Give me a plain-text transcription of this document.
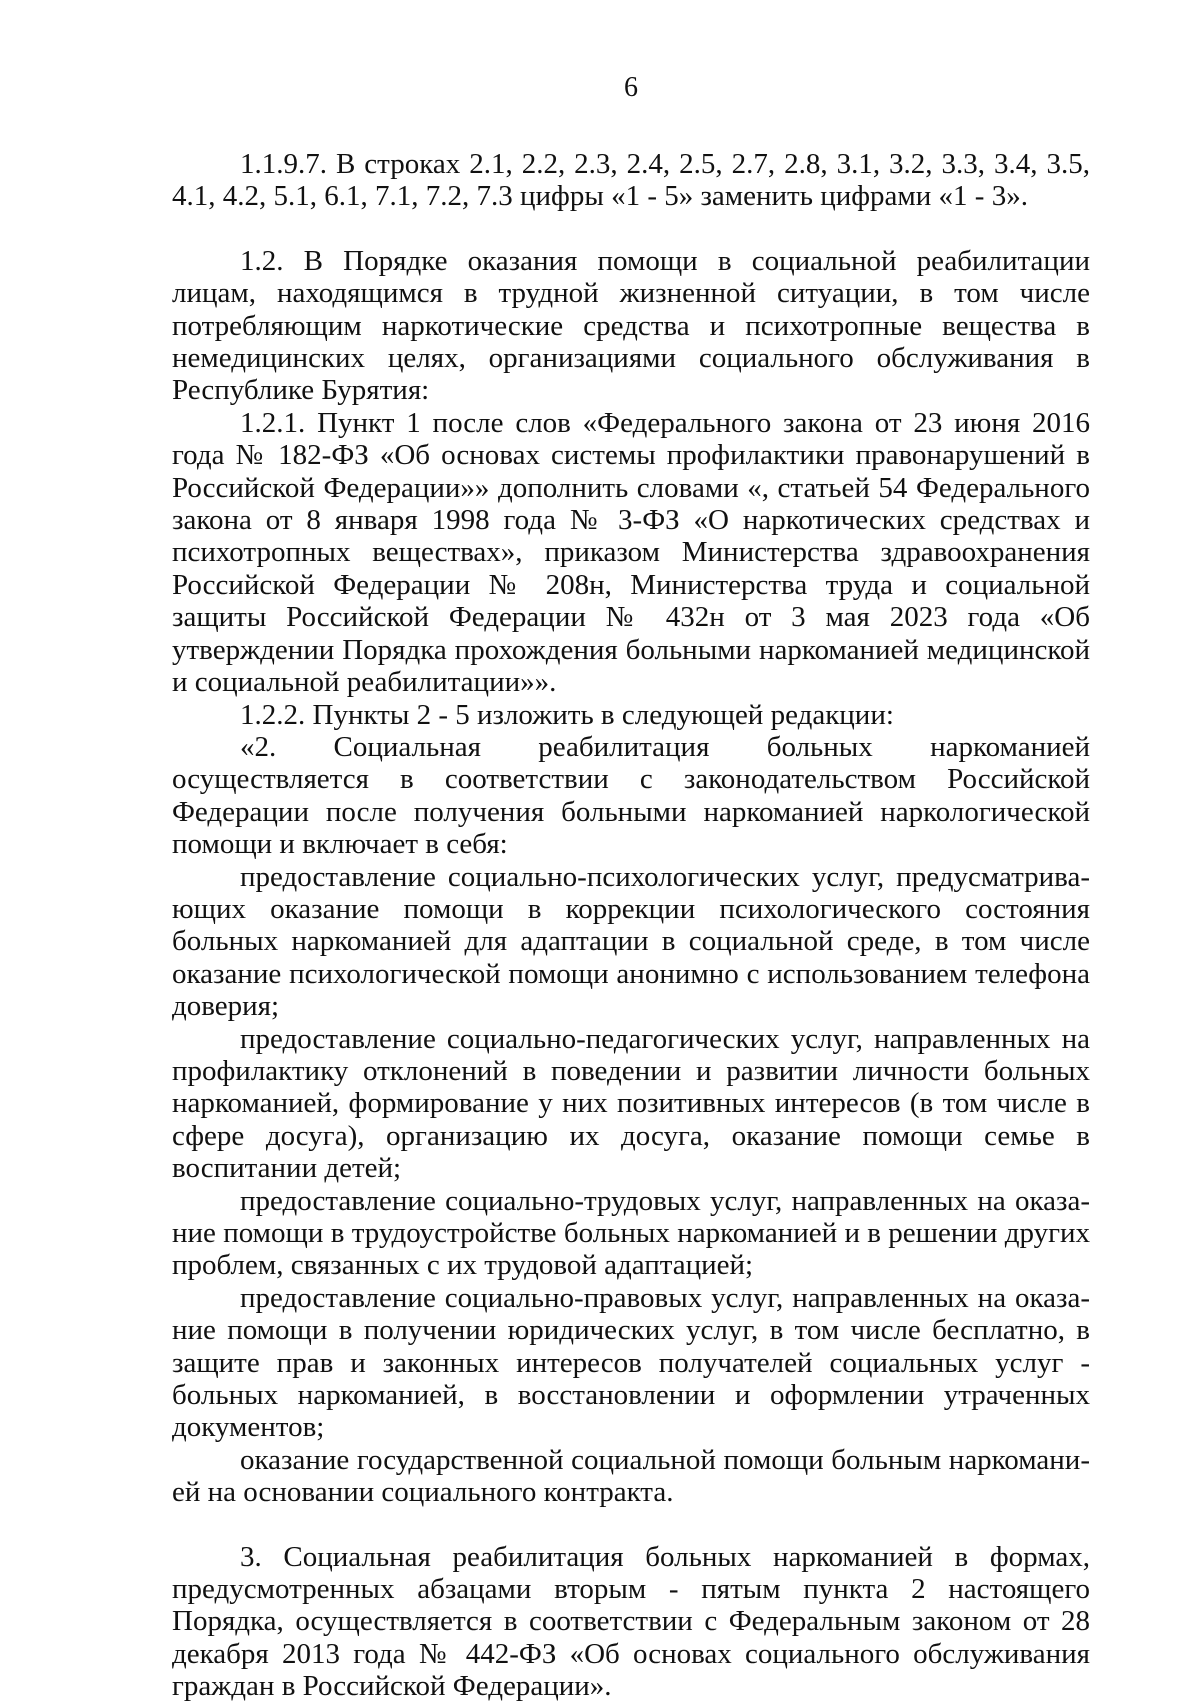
6

1.1.9.7. В строках 2.1, 2.2, 2.3, 2.4, 2.5, 2.7, 2.8, 3.1, 3.2, 3.3, 3.4, 3.5, 4.1, 4.2, 5.1, 6.1, 7.1, 7.2, 7.3 цифры «1 - 5» заменить цифрами «1 - 3».

1.2. В Порядке оказания помощи в социальной реабилитации лицам, находящимся в трудной жизненной ситуации, в том числе потребляющим наркотические средства и психотропные вещества в немедицинских целях, организациями социального обслуживания в Республике Бурятия:

1.2.1. Пункт 1 после слов «Федерального закона от 23 июня 2016 года № 182-ФЗ «Об основах системы профилактики правонарушений в Российской Федерации»» дополнить словами «, статьей 54 Федерального закона от 8 января 1998 года № 3-ФЗ «О наркотических средствах и психотропных веществах», приказом Министерства здравоохранения Российской Федерации № 208н, Министерства труда и социальной защиты Российской Федерации № 432н от 3 мая 2023 года «Об утверждении Порядка прохождения больными наркоманией медицинской и социальной реабилитации»».

1.2.2. Пункты 2 - 5 изложить в следующей редакции:

«2. Социальная реабилитация больных наркоманией осуществляется в соответствии с законодательством Российской Федерации после получения больными наркоманией наркологической помощи и включает в себя:

предоставление социально-психологических услуг, предусматривающих оказание помощи в коррекции психологического состояния больных наркоманией для адаптации в социальной среде, в том числе оказание психологической помощи анонимно с использованием телефона доверия;

предоставление социально-педагогических услуг, направленных на профилактику отклонений в поведении и развитии личности больных наркоманией, формирование у них позитивных интересов (в том числе в сфере досуга), организацию их досуга, оказание помощи семье в воспитании детей;

предоставление социально-трудовых услуг, направленных на оказание помощи в трудоустройстве больных наркоманией и в решении других проблем, связанных с их трудовой адаптацией;

предоставление социально-правовых услуг, направленных на оказание помощи в получении юридических услуг, в том числе бесплатно, в защите прав и законных интересов получателей социальных услуг - больных наркоманией, в восстановлении и оформлении утраченных документов;

оказание государственной социальной помощи больным наркоманией на основании социального контракта.

3. Социальная реабилитация больных наркоманией в формах, предусмотренных абзацами вторым - пятым пункта 2 настоящего Порядка, осуществляется в соответствии с Федеральным законом от 28 декабря 2013 года № 442-ФЗ «Об основах социального обслуживания граждан в Российской Федерации».
